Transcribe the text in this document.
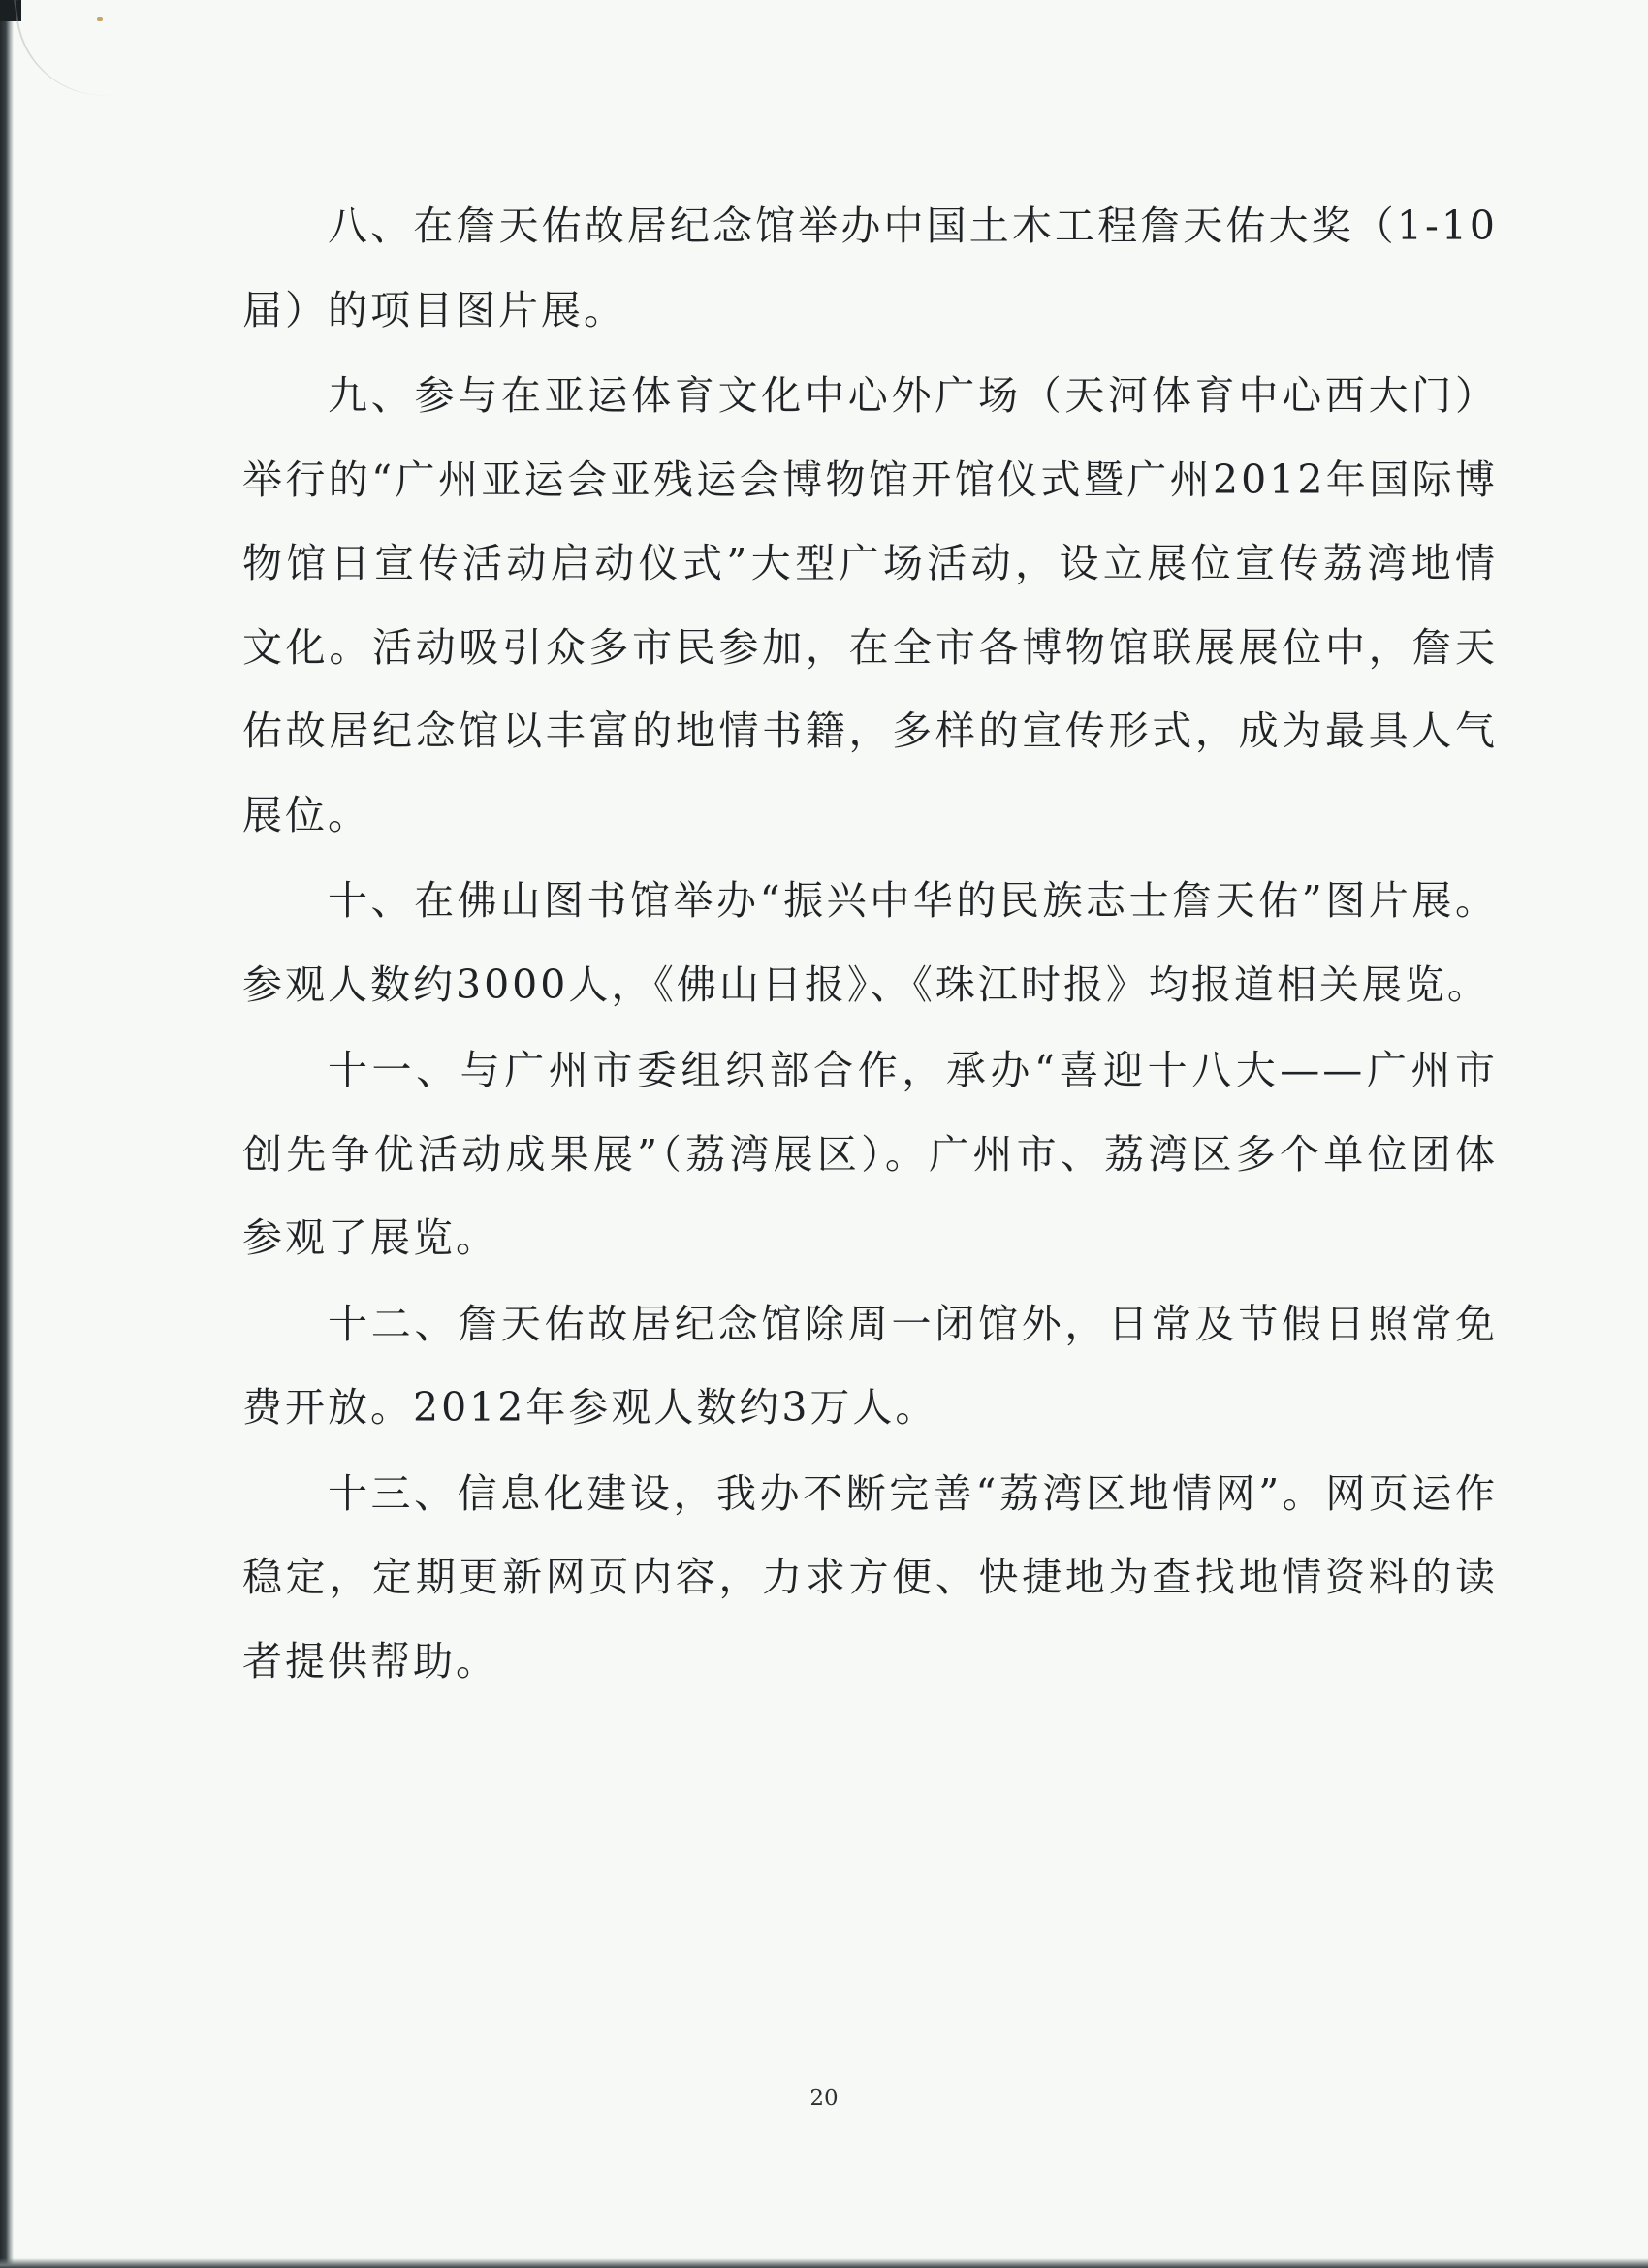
八、在詹天佑故居纪念馆举办中国土木工程詹天佑大奖（1-10届）的项目图片展。

九、参与在亚运体育文化中心外广场（天河体育中心西大门）举行的“广州亚运会亚残运会博物馆开馆仪式暨广州2012年国际博物馆日宣传活动启动仪式”大型广场活动，设立展位宣传荔湾地情文化。活动吸引众多市民参加，在全市各博物馆联展展位中，詹天佑故居纪念馆以丰富的地情书籍，多样的宣传形式，成为最具人气展位。

十、在佛山图书馆举办“振兴中华的民族志士詹天佑”图片展。参观人数约3000人，《佛山日报》、《珠江时报》均报道相关展览。

十一、与广州市委组织部合作，承办“喜迎十八大——广州市创先争优活动成果展”（荔湾展区）。广州市、荔湾区多个单位团体参观了展览。

十二、詹天佑故居纪念馆除周一闭馆外，日常及节假日照常免费开放。2012年参观人数约3万人。

十三、信息化建设，我办不断完善“荔湾区地情网”。网页运作稳定，定期更新网页内容，力求方便、快捷地为查找地情资料的读者提供帮助。

20
